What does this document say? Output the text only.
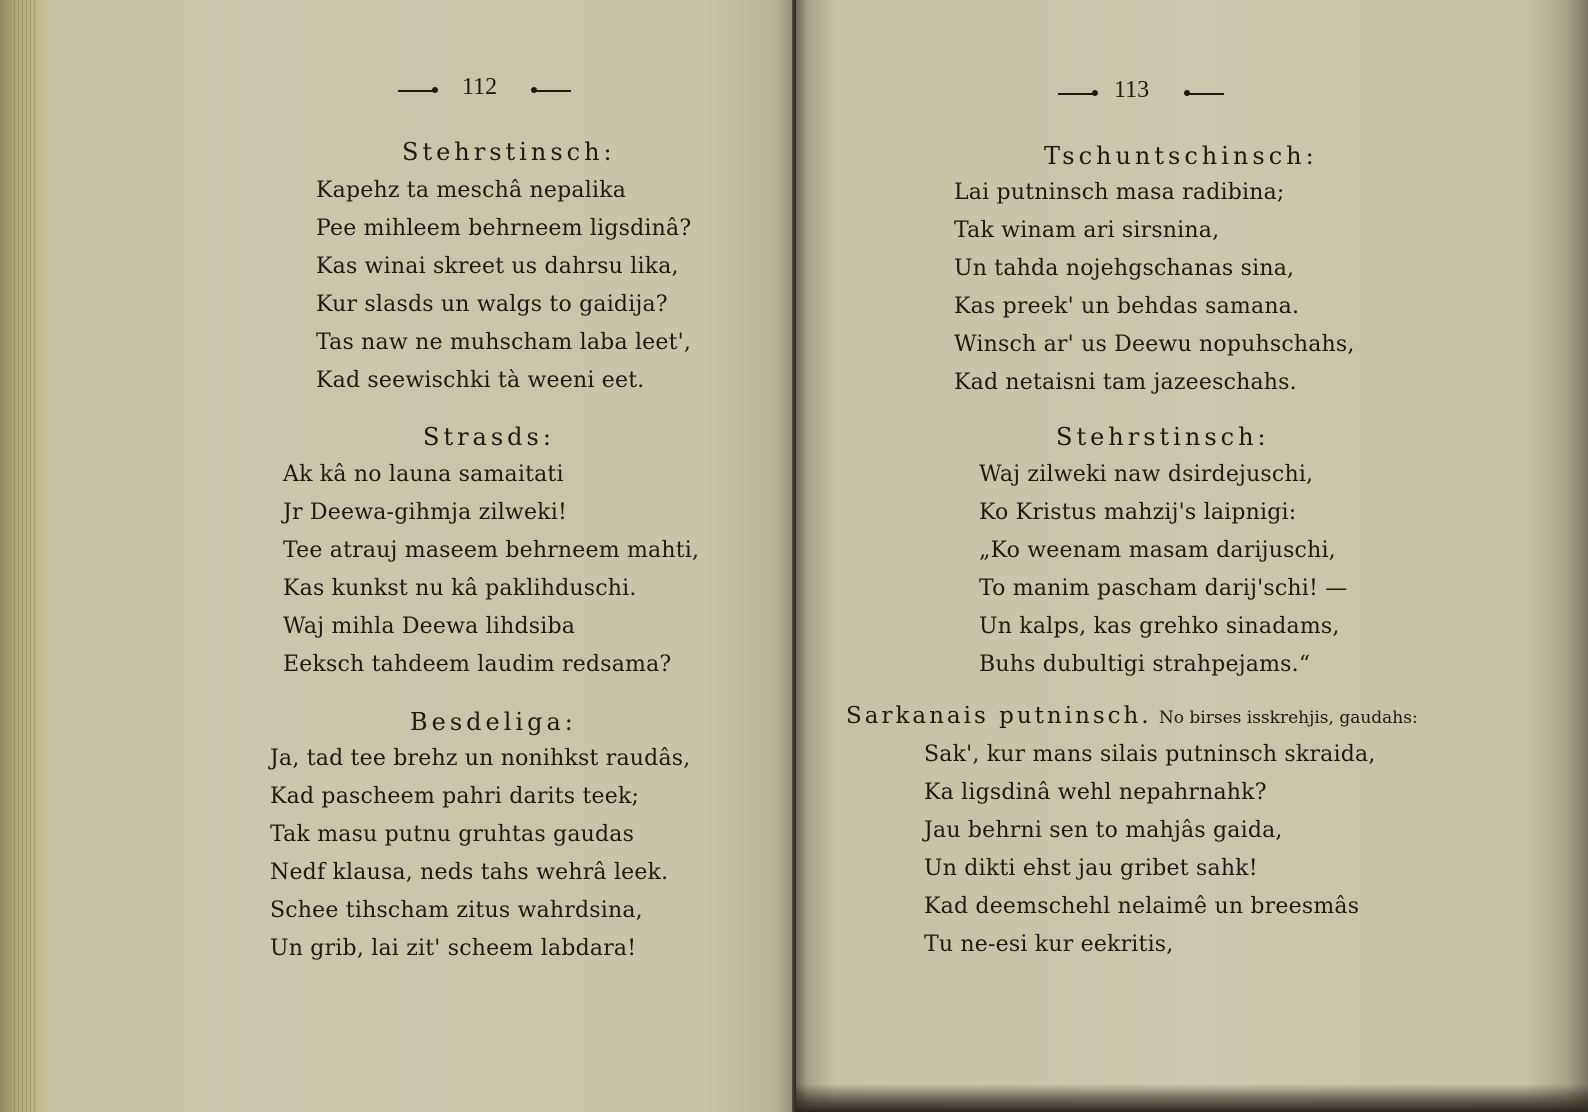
112
Stehrstinsch:
Kapehz ta meschâ nepalika
Pee mihleem behrneem ligsdinâ?
Kas winai skreet us dahrsu lika,
Kur slasds un walgs to gaidija?
Tas naw ne muhscham laba leet',
Kad seewischki tà weeni eet.
Strasds:
Ak kâ no launa samaitati
Jr Deewa-gihmja zilweki!
Tee atrauj maseem behrneem mahti,
Kas kunkst nu kâ paklihduschi.
Waj mihla Deewa lihdsiba
Eeksch tahdeem laudim redsama?
Besdeliga:
Ja, tad tee brehz un nonihkst raudâs,
Kad pascheem pahri darits teek;
Tak masu putnu gruhtas gaudas
Nedf klausa, neds tahs wehrâ leek.
Schee tihscham zitus wahrdsina,
Un grib, lai zit' scheem labdara!
113
Tschuntschinsch:
Lai putninsch masa radibina;
Tak winam ari sirsnina,
Un tahda nojehgschanas sina,
Kas preek' un behdas samana.
Winsch ar' us Deewu nopuhschahs,
Kad netaisni tam jazeeschahs.
Stehrstinsch:
Waj zilweki naw dsirdejuschi,
Ko Kristus mahzij's laipnigi:
„Ko weenam masam darijuschi,
To manim pascham darij'schi! —
Un kalps, kas grehko sinadams,
Buhs dubultigi strahpejams.“
Sarkanais putninsch. No birses isskrehjis, gaudahs:
Sak', kur mans silais putninsch skraida,
Ka ligsdinâ wehl nepahrnahk?
Jau behrni sen to mahjâs gaida,
Un dikti ehst jau gribet sahk!
Kad deemschehl nelaimê un breesmâs
Tu ne-esi kur eekritis,
